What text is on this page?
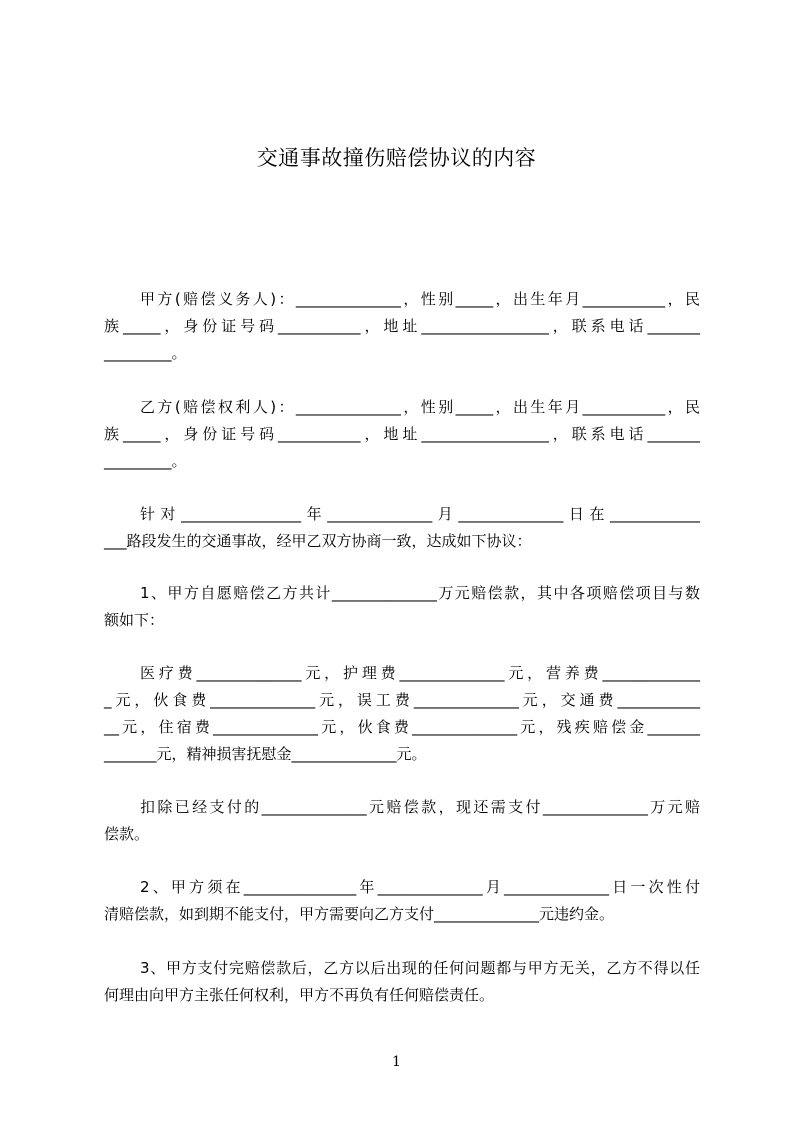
交通事故撞伤赔偿协议的内容
甲方(赔偿义务人)：______________，性别_____，出生年月___________，民
族_____，身份证号码___________，地址_________________，联系电话_______
_________。
乙方(赔偿权利人)：______________，性别_____，出生年月___________，民
族_____，身份证号码___________，地址_________________，联系电话_______
_________。
针对________________年______________月______________日在____________
___路段发生的交通事故，经甲乙双方协商一致，达成如下协议：
1、甲方自愿赔偿乙方共计______________万元赔偿款，其中各项赔偿项目与数
额如下：
医疗费______________元，护理费______________元，营养费_____________
_元，伙食费______________元，误工费______________元，交通费___________
__元，住宿费______________元，伙食费______________元，残疾赔偿金_______
_______元，精神损害抚慰金______________元。
扣除已经支付的______________元赔偿款，现还需支付______________万元赔
偿款。
2、甲方须在_______________年______________月______________日一次性付
清赔偿款，如到期不能支付，甲方需要向乙方支付______________元违约金。
3、甲方支付完赔偿款后，乙方以后出现的任何问题都与甲方无关，乙方不得以任
何理由向甲方主张任何权利，甲方不再负有任何赔偿责任。
1
